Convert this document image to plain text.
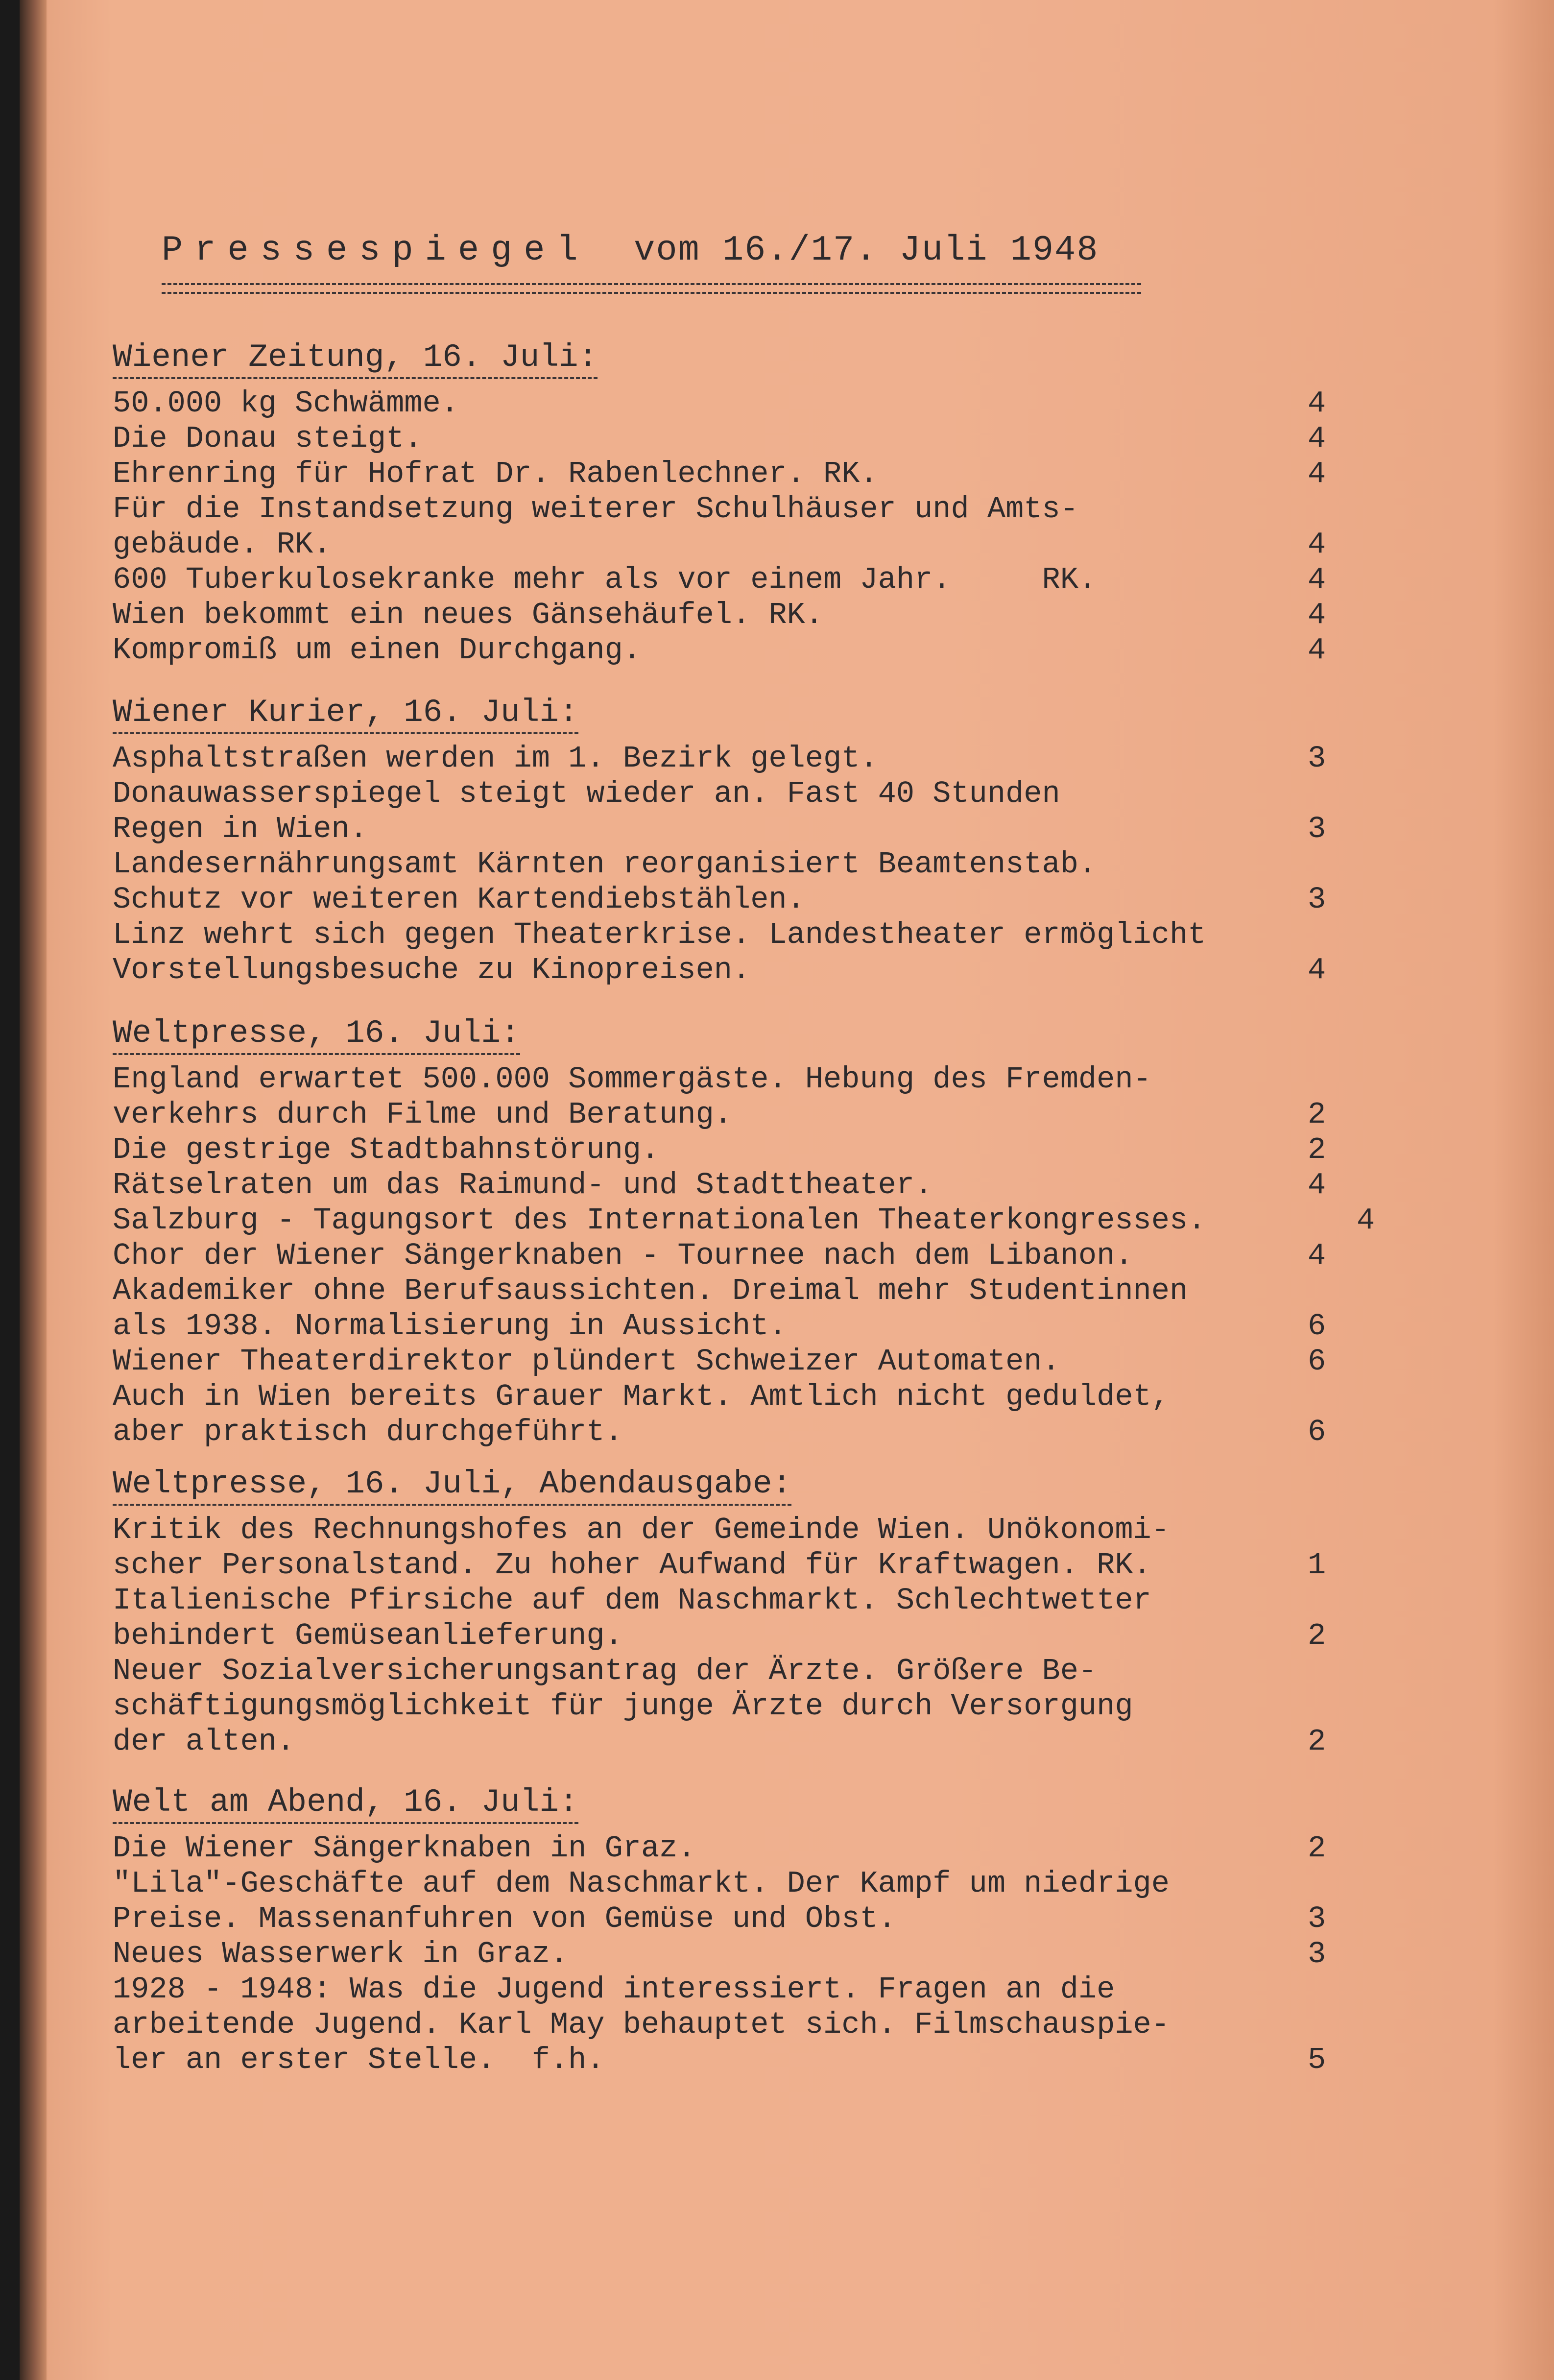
Pressespiegel vom 16./17. Juli 1948
Wiener Zeitung, 16. Juli:
50.000 kg Schwämme.	4
Die Donau steigt.	4
Ehrenring für Hofrat Dr. Rabenlechner. RK.	4
Für die Instandsetzung weiterer Schulhäuser und Amts-
gebäude. RK.	4
600 Tuberkulosekranke mehr als vor einem Jahr.     RK.	4
Wien bekommt ein neues Gänsehäufel. RK.	4
Kompromiß um einen Durchgang.	4
Wiener Kurier, 16. Juli:
Asphaltstraßen werden im 1. Bezirk gelegt.	3
Donauwasserspiegel steigt wieder an. Fast 40 Stunden
Regen in Wien.	3
Landesernährungsamt Kärnten reorganisiert Beamtenstab.
Schutz vor weiteren Kartendiebstählen.	3
Linz wehrt sich gegen Theaterkrise. Landestheater ermöglicht
Vorstellungsbesuche zu Kinopreisen.	4
Weltpresse, 16. Juli:
England erwartet 500.000 Sommergäste. Hebung des Fremden-
verkehrs durch Filme und Beratung.	2
Die gestrige Stadtbahnstörung.	2
Rätselraten um das Raimund- und Stadttheater.	4
Salzburg - Tagungsort des Internationalen Theaterkongresses.	4
Chor der Wiener Sängerknaben - Tournee nach dem Libanon.	4
Akademiker ohne Berufsaussichten. Dreimal mehr Studentinnen
als 1938. Normalisierung in Aussicht.	6
Wiener Theaterdirektor plündert Schweizer Automaten.	6
Auch in Wien bereits Grauer Markt. Amtlich nicht geduldet,
aber praktisch durchgeführt.	6
Weltpresse, 16. Juli, Abendausgabe:
Kritik des Rechnungshofes an der Gemeinde Wien. Unökonomi-
scher Personalstand. Zu hoher Aufwand für Kraftwagen. RK.	1
Italienische Pfirsiche auf dem Naschmarkt. Schlechtwetter
behindert Gemüseanlieferung.	2
Neuer Sozialversicherungsantrag der Ärzte. Größere Be-
schäftigungsmöglichkeit für junge Ärzte durch Versorgung
der alten.	2
Welt am Abend, 16. Juli:
Die Wiener Sängerknaben in Graz.	2
"Lila"-Geschäfte auf dem Naschmarkt. Der Kampf um niedrige
Preise. Massenanfuhren von Gemüse und Obst.	3
Neues Wasserwerk in Graz.	3
1928 - 1948: Was die Jugend interessiert. Fragen an die
arbeitende Jugend. Karl May behauptet sich. Filmschauspie-
ler an erster Stelle.  f.h.	5
